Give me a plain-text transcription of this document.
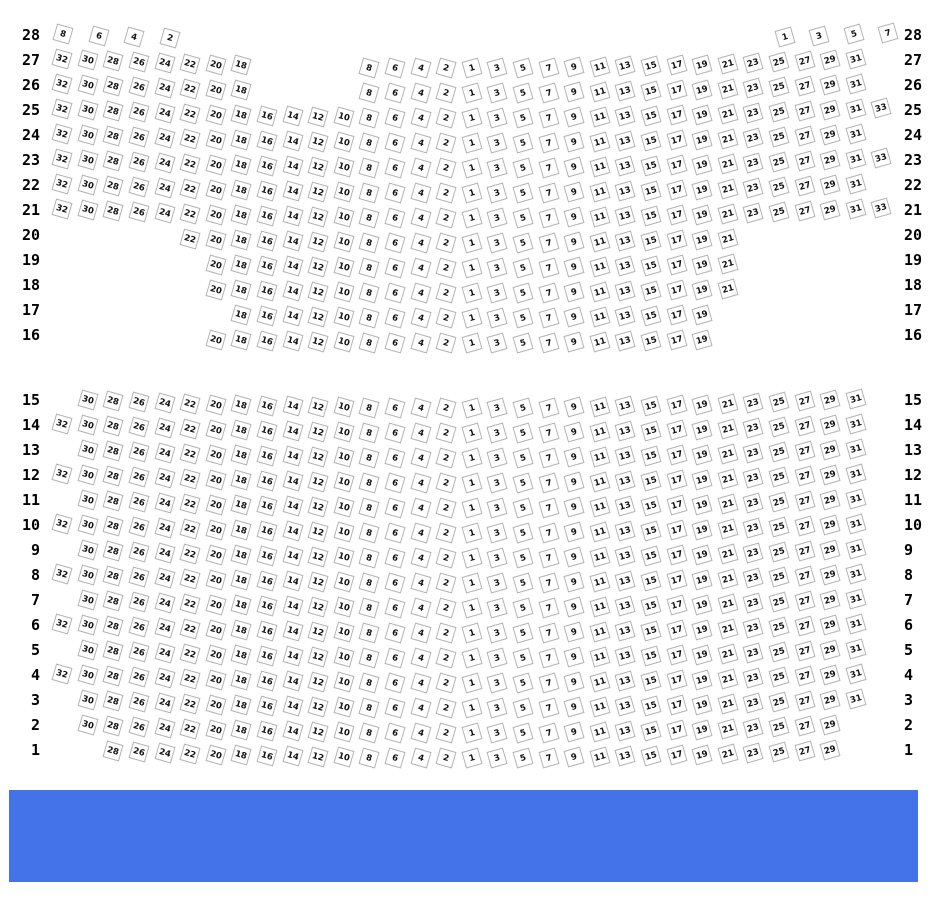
28	28
8	6	4	2	1	3	5	7
27	27
32	30	28	26	24	22	20	18	8	6	4	2	1	3	5	7	9	11	13	15	17	19	21	23	25	27	29	31
26	26
32	30	28	26	24	22	20	18	8	6	4	2	1	3	5	7	9	11	13	15	17	19	21	23	25	27	29	31
25	25
32	30	28	26	24	22	20	18	16	14	12	10	8	6	4	2	1	3	5	7	9	11	13	15	17	19	21	23	25	27	29	31	33
24	24
32	30	28	26	24	22	20	18	16	14	12	10	8	6	4	2	1	3	5	7	9	11	13	15	17	19	21	23	25	27	29	31
23	23
32	30	28	26	24	22	20	18	16	14	12	10	8	6	4	2	1	3	5	7	9	11	13	15	17	19	21	23	25	27	29	31	33
22	22
32	30	28	26	24	22	20	18	16	14	12	10	8	6	4	2	1	3	5	7	9	11	13	15	17	19	21	23	25	27	29	31
21	21
32	30	28	26	24	22	20	18	16	14	12	10	8	6	4	2	1	3	5	7	9	11	13	15	17	19	21	23	25	27	29	31	33
20	20
22	20	18	16	14	12	10	8	6	4	2	1	3	5	7	9	11	13	15	17	19	21
19	19
20	18	16	14	12	10	8	6	4	2	1	3	5	7	9	11	13	15	17	19	21
18	18
20	18	16	14	12	10	8	6	4	2	1	3	5	7	9	11	13	15	17	19	21
17	17
18	16	14	12	10	8	6	4	2	1	3	5	7	9	11	13	15	17	19
16	16
20	18	16	14	12	10	8	6	4	2	1	3	5	7	9	11	13	15	17	19
15	15
30	28	26	24	22	20	18	16	14	12	10	8	6	4	2	1	3	5	7	9	11	13	15	17	19	21	23	25	27	29	31
14	14
32	30	28	26	24	22	20	18	16	14	12	10	8	6	4	2	1	3	5	7	9	11	13	15	17	19	21	23	25	27	29	31
13	13
30	28	26	24	22	20	18	16	14	12	10	8	6	4	2	1	3	5	7	9	11	13	15	17	19	21	23	25	27	29	31
12	12
32	30	28	26	24	22	20	18	16	14	12	10	8	6	4	2	1	3	5	7	9	11	13	15	17	19	21	23	25	27	29	31
11	11
30	28	26	24	22	20	18	16	14	12	10	8	6	4	2	1	3	5	7	9	11	13	15	17	19	21	23	25	27	29	31
10	10
32	30	28	26	24	22	20	18	16	14	12	10	8	6	4	2	1	3	5	7	9	11	13	15	17	19	21	23	25	27	29	31
9	9
30	28	26	24	22	20	18	16	14	12	10	8	6	4	2	1	3	5	7	9	11	13	15	17	19	21	23	25	27	29	31
8	8
32	30	28	26	24	22	20	18	16	14	12	10	8	6	4	2	1	3	5	7	9	11	13	15	17	19	21	23	25	27	29	31
7	7
30	28	26	24	22	20	18	16	14	12	10	8	6	4	2	1	3	5	7	9	11	13	15	17	19	21	23	25	27	29	31
6	6
32	30	28	26	24	22	20	18	16	14	12	10	8	6	4	2	1	3	5	7	9	11	13	15	17	19	21	23	25	27	29	31
5	5
30	28	26	24	22	20	18	16	14	12	10	8	6	4	2	1	3	5	7	9	11	13	15	17	19	21	23	25	27	29	31
4	4
32	30	28	26	24	22	20	18	16	14	12	10	8	6	4	2	1	3	5	7	9	11	13	15	17	19	21	23	25	27	29	31
3	3
30	28	26	24	22	20	18	16	14	12	10	8	6	4	2	1	3	5	7	9	11	13	15	17	19	21	23	25	27	29	31
2	2
30	28	26	24	22	20	18	16	14	12	10	8	6	4	2	1	3	5	7	9	11	13	15	17	19	21	23	25	27	29
1	1
28	26	24	22	20	18	16	14	12	10	8	6	4	2	1	3	5	7	9	11	13	15	17	19	21	23	25	27	29
